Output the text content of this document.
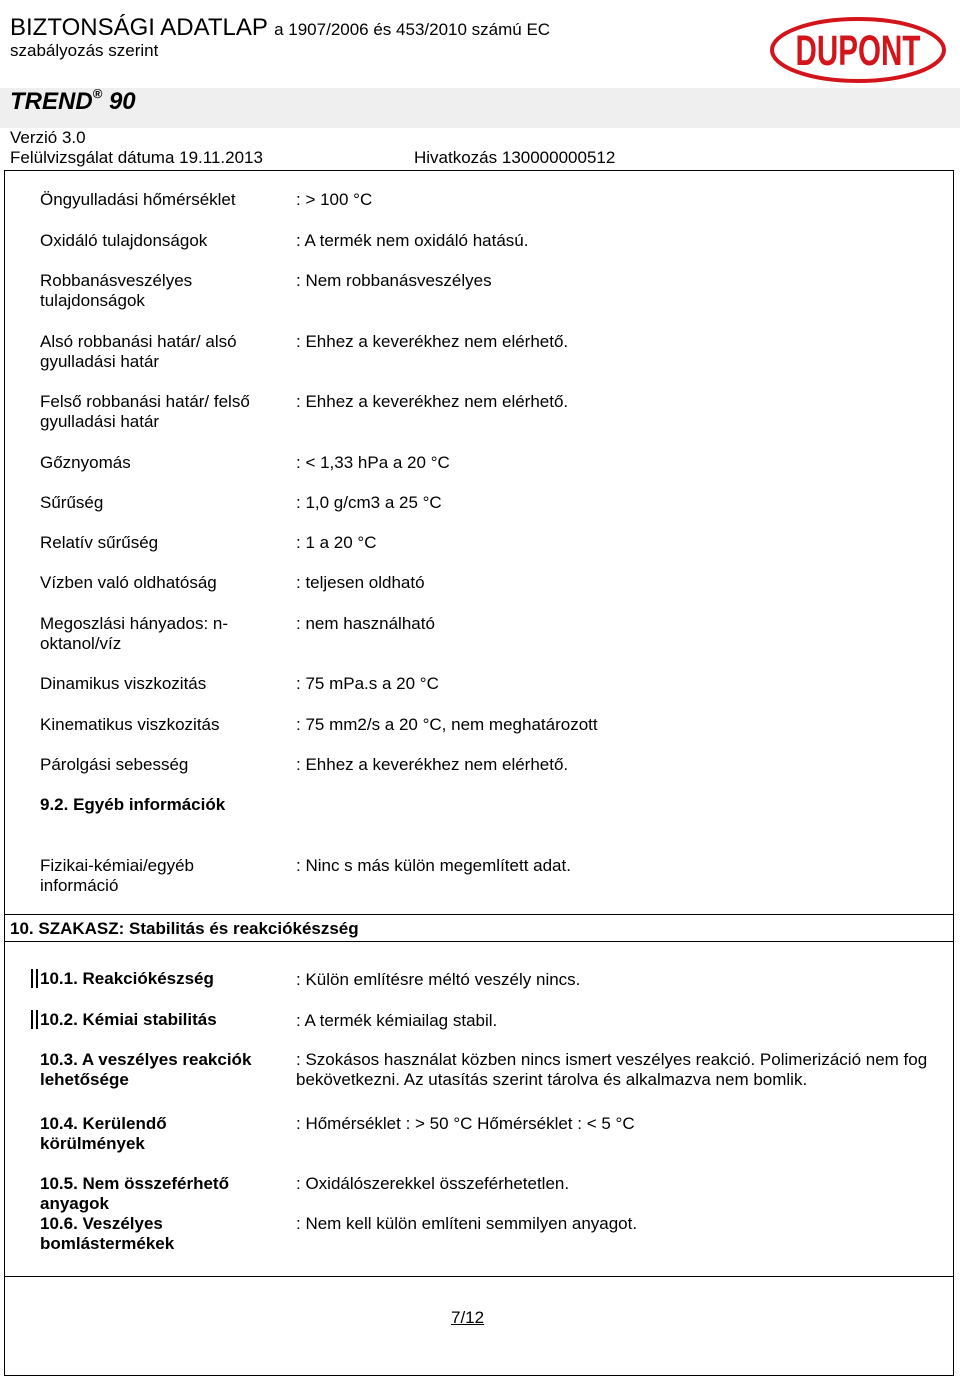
BIZTONSÁGI ADATLAP a 1907/2006 és 453/2010 számú EC
szabályozás szerint
TREND® 90
Verzió 3.0
Felülvizsgálat dátuma 19.11.2013	Hivatkozás 130000000512
DUPONT
Öngyulladási hőmérséklet	: > 100 °C
Oxidáló tulajdonságok	: A termék nem oxidáló hatású.
Robbanásveszélyes tulajdonságok
: Nem robbanásveszélyes
Alsó robbanási határ/ alsó gyulladási határ
: Ehhez a keverékhez nem elérhető.
Felső robbanási határ/ felső gyulladási határ
: Ehhez a keverékhez nem elérhető.
Gőznyomás	: < 1,33 hPa a 20 °C
Sűrűség	: 1,0 g/cm3 a 25 °C
Relatív sűrűség	: 1 a 20 °C
Vízben való oldhatóság	: teljesen oldható
Megoszlási hányados: n-oktanol/víz
: nem használható
Dinamikus viszkozitás	: 75 mPa.s a 20 °C
Kinematikus viszkozitás	: 75 mm2/s a 20 °C, nem meghatározott
Párolgási sebesség	: Ehhez a keverékhez nem elérhető.
9.2. Egyéb információk
Fizikai-kémiai/egyéb információ
: Ninc s más külön megemlített adat.
10. SZAKASZ: Stabilitás és reakciókészség
10.1. Reakciókészség	: Külön említésre méltó veszély nincs.
10.2. Kémiai stabilitás	: A termék kémiailag stabil.
10.3. A veszélyes reakciók lehetősége
: Szokásos használat közben nincs ismert veszélyes reakció. Polimerizáció nem fog bekövetkezni. Az utasítás szerint tárolva és alkalmazva nem bomlik.
10.4. Kerülendő körülmények
: Hőmérséklet : > 50 °C Hőmérséklet : < 5 °C
10.5. Nem összeférhető anyagok
: Oxidálószerekkel összeférhetetlen.
10.6. Veszélyes bomlástermékek
: Nem kell külön említeni semmilyen anyagot.
7/12
